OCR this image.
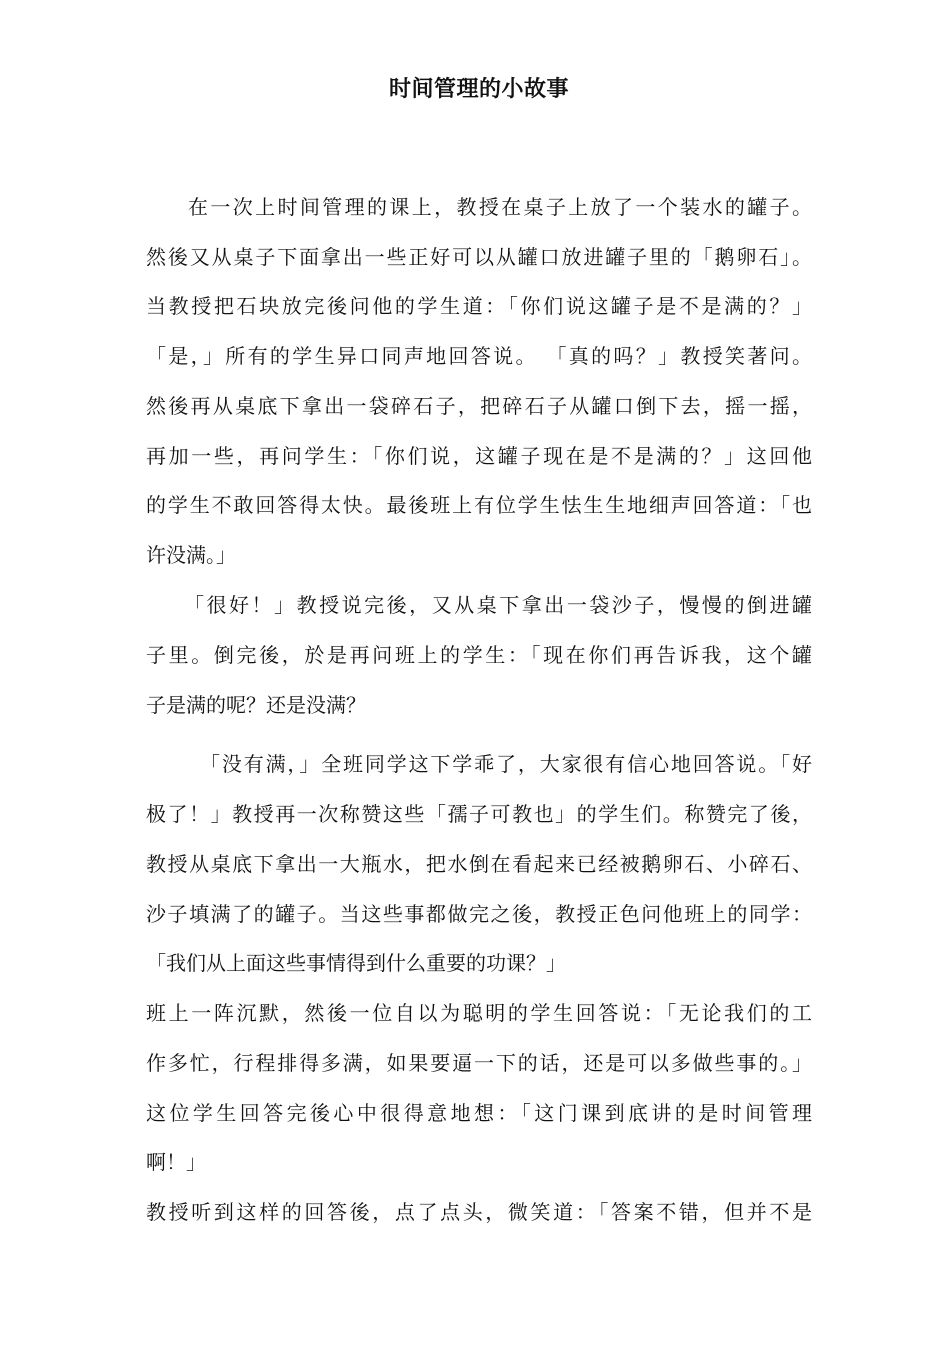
时间管理的小故事
在一次上时间管理的课上，教授在桌子上放了一个装水的罐子。
然後又从桌子下面拿出一些正好可以从罐口放进罐子里的「鹅卵石」。
当教授把石块放完後问他的学生道：「你们说这罐子是不是满的？」
「是，」所有的学生异口同声地回答说。 「真的吗？」教授笑著问。
然後再从桌底下拿出一袋碎石子，把碎石子从罐口倒下去，摇一摇，
再加一些，再问学生：「你们说，这罐子现在是不是满的？」这回他
的学生不敢回答得太快。最後班上有位学生怯生生地细声回答道：「也
许没满。」
「很好！」教授说完後，又从桌下拿出一袋沙子，慢慢的倒进罐
子里。倒完後，於是再问班上的学生：「现在你们再告诉我，这个罐
子是满的呢？还是没满？
「没有满，」全班同学这下学乖了，大家很有信心地回答说。「好
极了！」教授再一次称赞这些「孺子可教也」的学生们。称赞完了後，
教授从桌底下拿出一大瓶水，把水倒在看起来已经被鹅卵石、小碎石、
沙子填满了的罐子。当这些事都做完之後，教授正色问他班上的同学：
「我们从上面这些事情得到什么重要的功课？」
班上一阵沉默，然後一位自以为聪明的学生回答说：「无论我们的工
作多忙，行程排得多满，如果要逼一下的话，还是可以多做些事的。」
这位学生回答完後心中很得意地想：「这门课到底讲的是时间管理
啊！」
教授听到这样的回答後，点了点头，微笑道：「答案不错，但并不是
